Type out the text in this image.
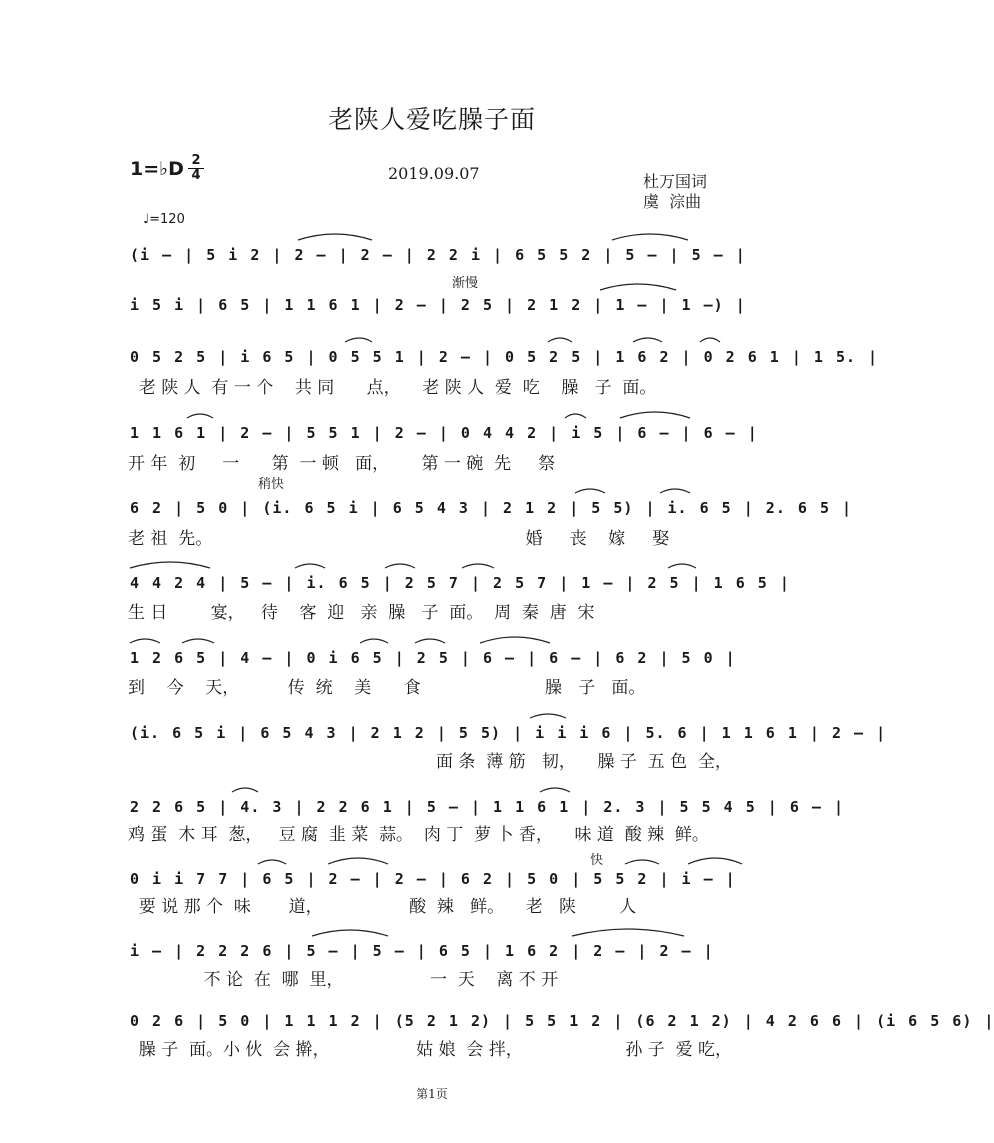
老陕人爱吃臊子面
1=♭D 2
4	2019.09.07	杜万国词
虞  淙曲
♩=120
渐慢
稍快
快
(i – | 5 i 2 | 2 – | 2 – | 2 2 i | 6 5 5 2 | 5 – | 5 – |
i 5 i | 6 5 | 1 1 6 1 | 2 – | 2 5 | 2 1 2 | 1 – | 1 –) |
0 5 2 5 | i 6 5 | 0 5 5 1 | 2 – | 0 5 2 5 | 1 6 2 | 0 2 6 1 | 1 5. |
老 陕 人  有 一 个    共 同      点，    老 陕 人  爱  吃    臊   子  面。
1 1 6 1 | 2 – | 5 5 1 | 2 – | 0 4 4 2 | i 5 | 6 – | 6 – |
开 年  初     一      第  一 顿   面，      第 一 碗  先     祭
6 2 | 5 0 | (i. 6 5 i | 6 5 4 3 | 2 1 2 | 5 5) | i. 6 5 | 2. 6 5 |
老 祖  先。                                                          婚     丧    嫁     娶
4 4 2 4 | 5 – | i. 6 5 | 2 5 7 | 2 5 7 | 1 – | 2 5 | 1 6 5 |
生 日        宴，   待    客  迎   亲  臊   子  面。  周  秦  唐  宋
1 2 6 5 | 4 – | 0 i 6 5 | 2 5 | 6 – | 6 – | 6 2 | 5 0 |
到    今    天，         传  统    美      食                       臊   子   面。
(i. 6 5 i | 6 5 4 3 | 2 1 2 | 5 5) | i i i 6 | 5. 6 | 1 1 6 1 | 2 – |
面 条  薄 筋   韧，    臊 子  五 色  全，
2 2 6 5 | 4. 3 | 2 2 6 1 | 5 – | 1 1 6 1 | 2. 3 | 5 5 4 5 | 6 – |
鸡 蛋  木 耳  葱，   豆 腐  韭 菜  蒜。  肉 丁  萝 卜 香，    味 道  酸 辣  鲜。
0 i i 7 7 | 6 5 | 2 – | 2 – | 6 2 | 5 0 | 5 5 2 | i – |
要 说 那 个  味       道，                酸  辣   鲜。    老   陕        人
i – | 2 2 2 6 | 5 – | 5 – | 6 5 | 1 6 2 | 2 – | 2 – |
不 论  在  哪  里，                一  天    离 不 开
0 2 6 | 5 0 | 1 1 1 2 | (5 2 1 2) | 5 5 1 2 | (6 2 1 2) | 4 2 6 6 | (i 6 5 6) |
臊 子  面。小 伙  会 擀，                姑 娘  会 拌，                   孙 子  爱 吃，
第1页
